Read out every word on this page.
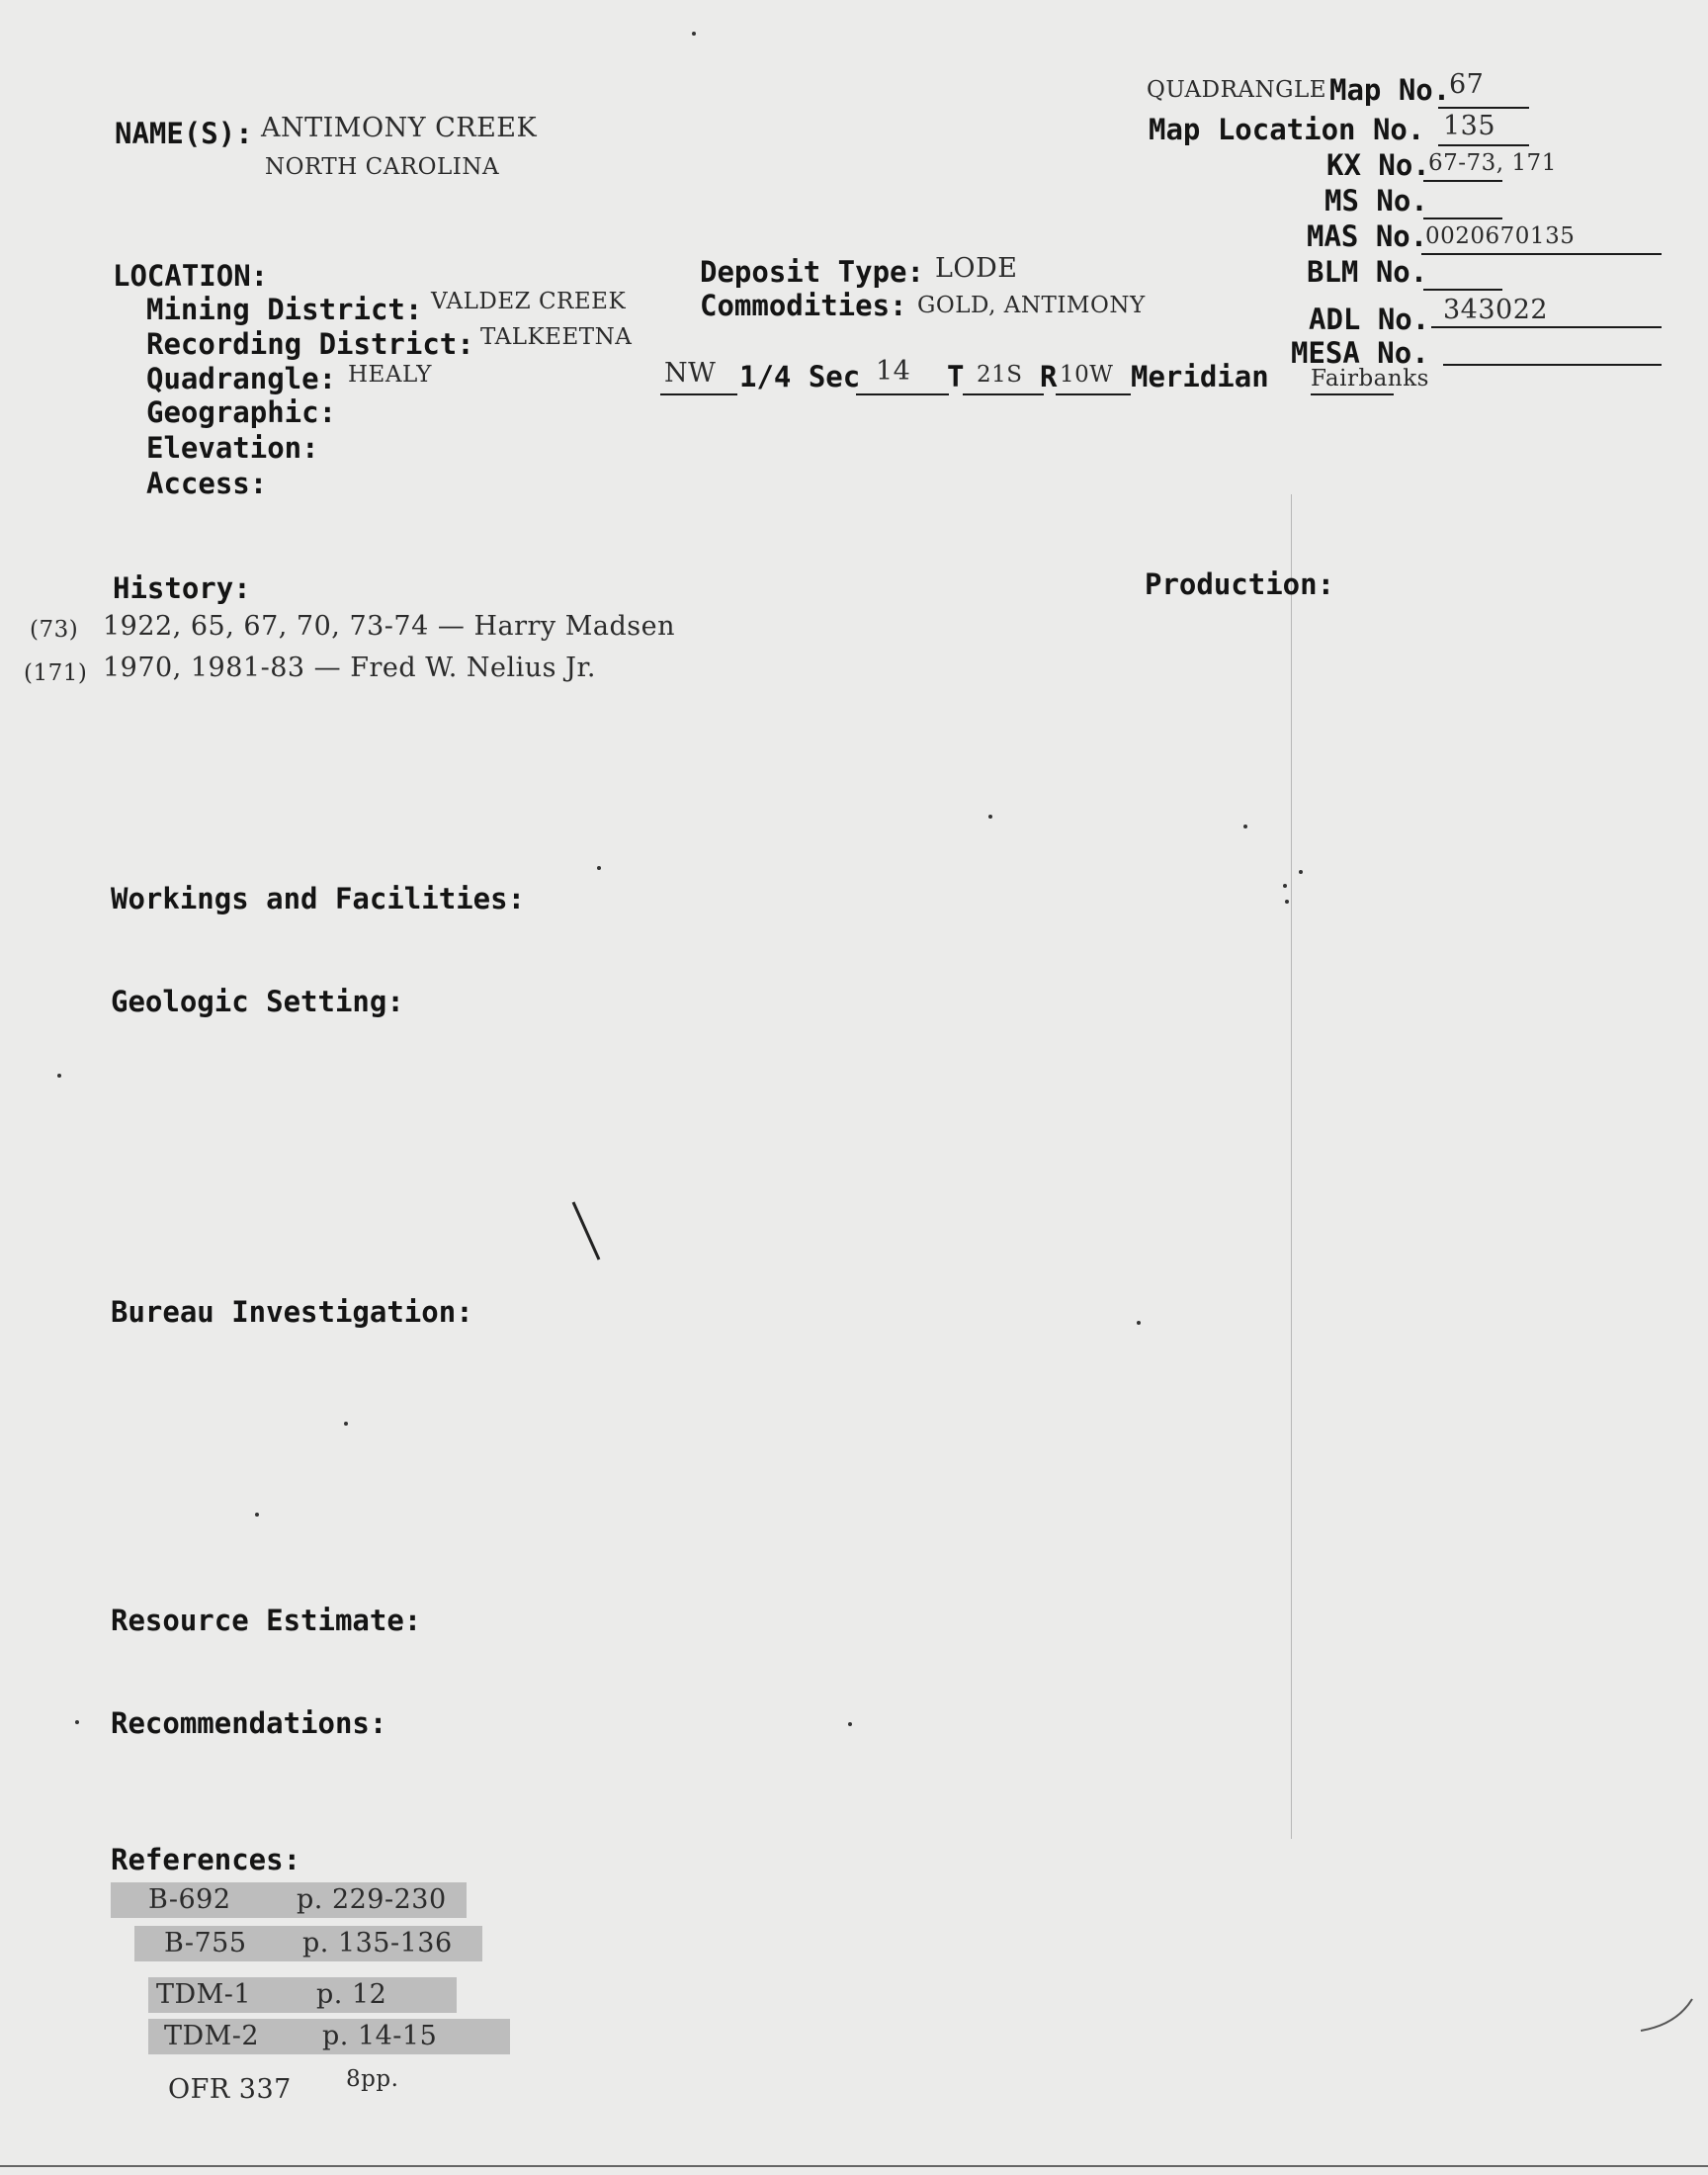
NAME(S): ANTIMONY CREEK
NORTH CAROLINA
QUADRANGLE Map No.
67
Map Location No. 135
KX No.
67-73, 171
MS No.
MAS No.
0020670135
BLM No.
ADL No. 343022
MESA No.
LOCATION:
Mining District: VALDEZ CREEK
Recording District: TALKEETNA
Quadrangle: HEALY
Geographic:
Elevation:
Access:
Deposit Type: LODE
Commodities: GOLD, ANTIMONY
NW 1/4 Sec 14 T 21S R 10W Meridian Fairbanks
History:
(73) 1922, 65, 67, 70, 73-74 — Harry Madsen
(171) 1970, 1981-83 — Fred W. Nelius Jr.
Production:
Workings and Facilities:
Geologic Setting:
Bureau Investigation:
Resource Estimate:
Recommendations:
References:
B-692 p. 229-230
B-755 p. 135-136
TDM-1 p. 12
TDM-2 p. 14-15
OFR 337 8pp.
